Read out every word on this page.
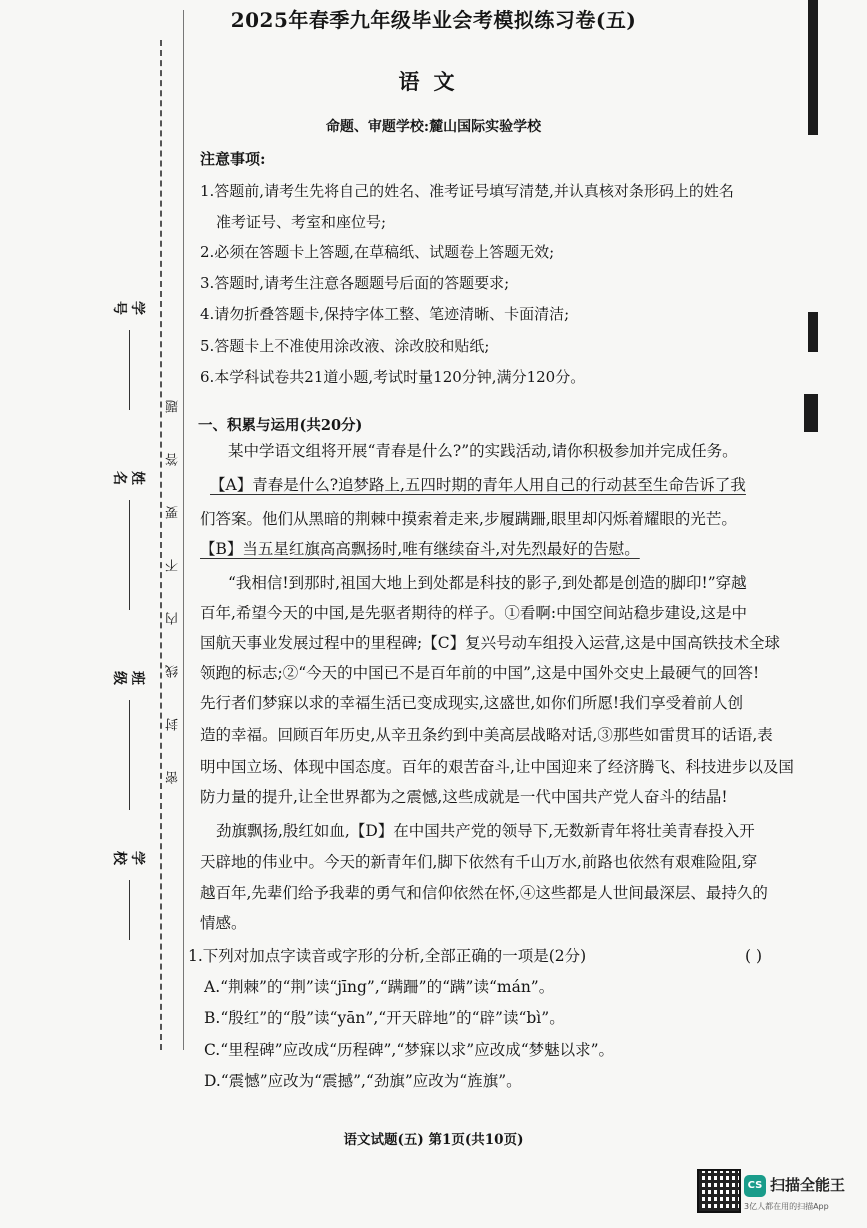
学号
姓名
班级
学校
密封线内不要答题
2025年春季九年级毕业会考模拟练习卷(五)
语文
命题、审题学校:麓山国际实验学校
注意事项:
1.答题前,请考生先将自己的姓名、准考证号填写清楚,并认真核对条形码上的姓名
准考证号、考室和座位号;
2.必须在答题卡上答题,在草稿纸、试题卷上答题无效;
3.答题时,请考生注意各题题号后面的答题要求;
4.请勿折叠答题卡,保持字体工整、笔迹清晰、卡面清洁;
5.答题卡上不准使用涂改液、涂改胶和贴纸;
6.本学科试卷共21道小题,考试时量120分钟,满分120分。
一、积累与运用(共20分)
某中学语文组将开展“青春是什么?”的实践活动,请你积极参加并完成任务。
【A】青春是什么?追梦路上,五四时期的青年人用自己的行动甚至生命告诉了我
们答案。他们从黑暗的荆棘中摸索着走来,步履蹒跚,眼里却闪烁着耀眼的光芒。
【B】当五星红旗高高飘扬时,唯有继续奋斗,对先烈最好的告慰。
“我相信!到那时,祖国大地上到处都是科技的影子,到处都是创造的脚印!”穿越
百年,希望今天的中国,是先驱者期待的样子。①看啊:中国空间站稳步建设,这是中
国航天事业发展过程中的里程碑;【C】复兴号动车组投入运营,这是中国高铁技术全球
领跑的标志;②“今天的中国已不是百年前的中国”,这是中国外交史上最硬气的回答!
先行者们梦寐以求的幸福生活已变成现实,这盛世,如你们所愿!我们享受着前人创
造的幸福。回顾百年历史,从辛丑条约到中美高层战略对话,③那些如雷贯耳的话语,表
明中国立场、体现中国态度。百年的艰苦奋斗,让中国迎来了经济腾飞、科技进步以及国
防力量的提升,让全世界都为之震憾,这些成就是一代中国共产党人奋斗的结晶!
劲旗飘扬,殷红如血,【D】在中国共产党的领导下,无数新青年将壮美青春投入开
天辟地的伟业中。今天的新青年们,脚下依然有千山万水,前路也依然有艰难险阻,穿
越百年,先辈们给予我辈的勇气和信仰依然在怀,④这些都是人世间最深层、最持久的
情感。
1.下列对加点字读音或字形的分析,全部正确的一项是(2分)	( )
A.“荆棘”的“荆”读“jīng”,“蹒跚”的“蹒”读“mán”。
B.“殷红”的“殷”读“yān”,“开天辟地”的“辟”读“bì”。
C.“里程碑”应改成“历程碑”,“梦寐以求”应改成“梦魅以求”。
D.“震憾”应改为“震撼”,“劲旗”应改为“旌旗”。
语文试题(五) 第1页(共10页)
CS 扫描全能王
3亿人都在用的扫描App
